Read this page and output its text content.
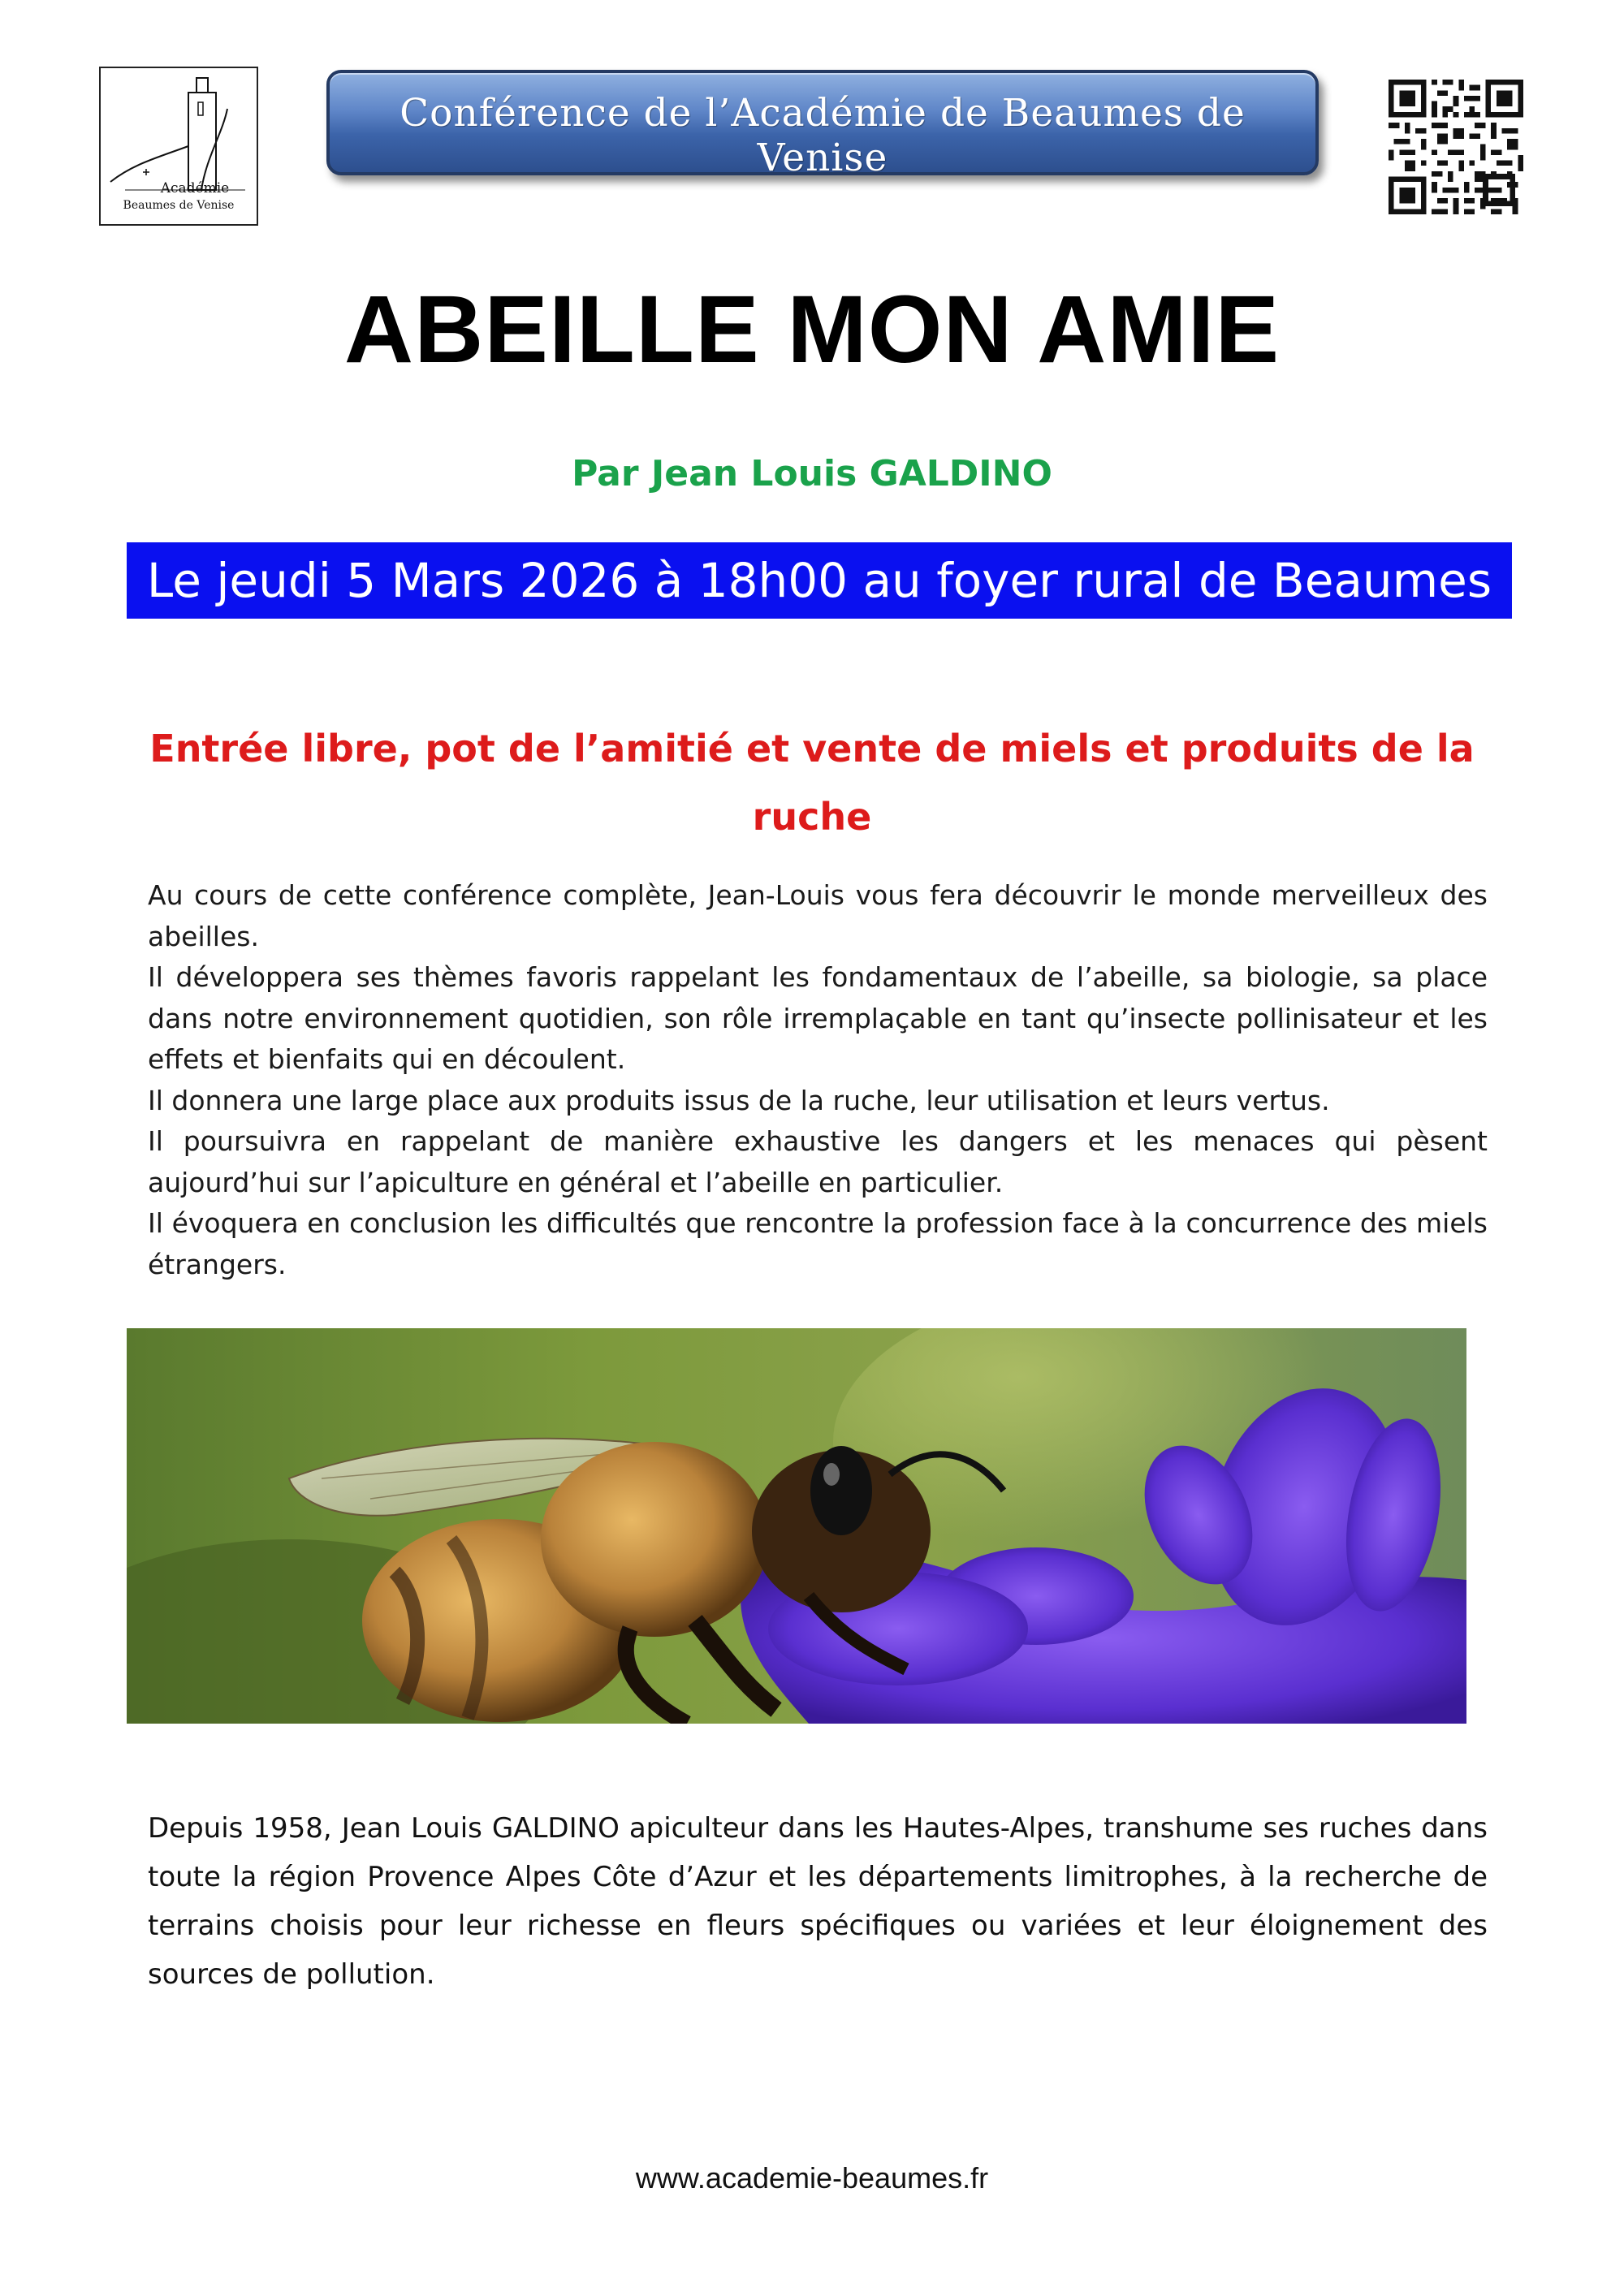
Académie
Beaumes de Venise
Conférence de l’Académie de Beaumes de Venise
ABEILLE MON AMIE
Par Jean Louis GALDINO
Le jeudi 5 Mars 2026 à 18h00 au foyer rural de Beaumes
Entrée libre, pot de l’amitié et vente de miels et produits de la ruche

Au cours de cette conférence complète, Jean-Louis vous fera découvrir le monde merveilleux des abeilles.

Il développera ses thèmes favoris rappelant les fondamentaux de l’abeille, sa biologie, sa place dans notre environnement quotidien, son rôle irremplaçable en tant qu’insecte pollinisateur et les effets et bienfaits qui en découlent.

Il donnera une large place aux produits issus de la ruche, leur utilisation et leurs vertus.

Il poursuivra en rappelant de manière exhaustive les dangers et les menaces qui pèsent aujourd’hui sur l’apiculture en général et l’abeille en particulier.

Il évoquera en conclusion les difficultés que rencontre la profession face à la concurrence des miels étrangers.

Depuis 1958, Jean Louis GALDINO apiculteur dans les Hautes-Alpes, transhume ses ruches dans toute la région Provence Alpes Côte d’Azur et les départements limitrophes, à la recherche de terrains choisis pour leur richesse en fleurs spécifiques ou variées et leur éloignement des sources de pollution.

www.academie-beaumes.fr
